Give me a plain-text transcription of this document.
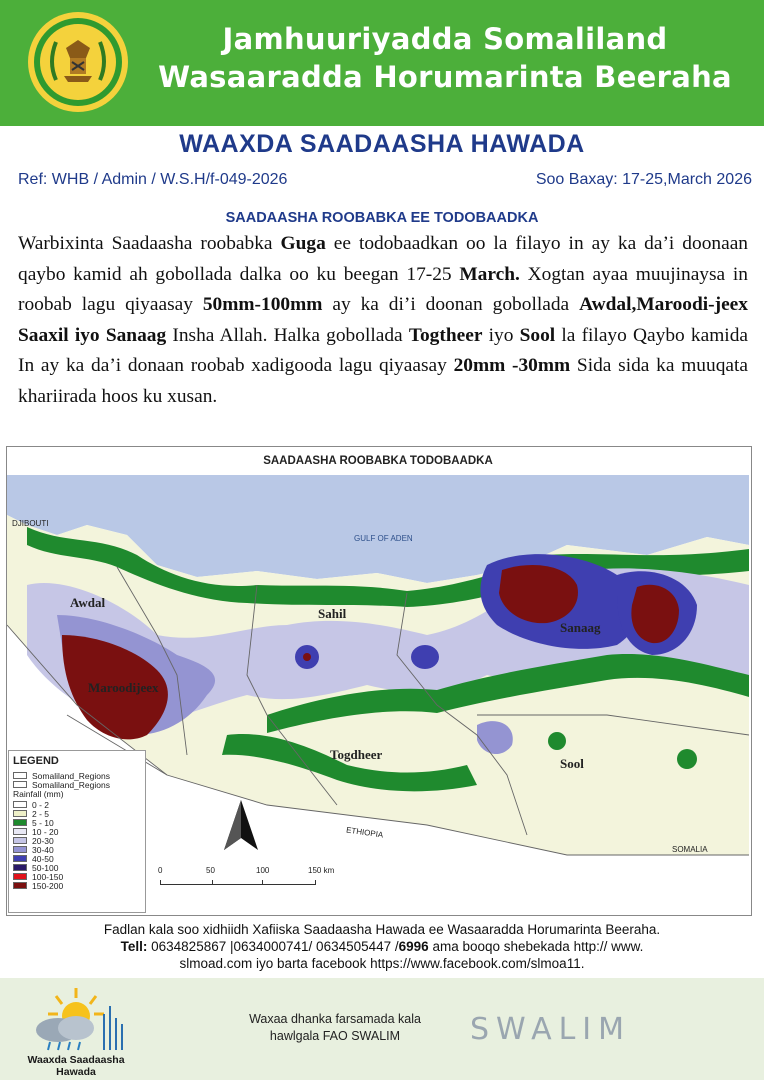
Jamhuuriyadda Somaliland
Wasaaradda Horumarinta Beeraha
WAAXDA SAADAASHA HAWADA
Ref: WHB / Admin / W.S.H/f-049-2026	Soo Baxay: 17-25,March 2026
SAADAASHA ROOBABKA EE TODOBAADKA
Warbixinta Saadaasha roobabka Guga ee todobaadkan oo la filayo in ay ka da’i doonaan qaybo kamid ah gobollada dalka oo ku beegan 17-25 March. Xogtan ayaa muujinaysa in roobab lagu qiyaasay 50mm-100mm ay ka di’i doonan gobollada Awdal,Maroodi-jeex Saaxil iyo Sanaag Insha Allah. Halka gobollada Togtheer iyo Sool la filayo Qaybo kamida In ay ka da’i donaan roobab xadigooda lagu qiyaasay 20mm -30mm Sida sida ka muuqata khariirada hoos ku xusan.
SAADAASHA ROOBABKA TODOBAADKA
DJIBOUTI
GULF OF ADEN
Awdal
Maroodijeex
Sahil
Sanaag
Togdheer
Sool
ETHIOPIA
SOMALIA
LEGEND
Somaliland_Regions
Somaliland_Regions
Rainfall (mm)
0 - 2
2 - 5
5 - 10
10 - 20
20-30
30-40
40-50
50-100
100-150
150-200
0	50	100	150 km
Fadlan kala soo xidhiidh Xafiiska Saadaasha Hawada ee Wasaaradda Horumarinta Beeraha.
Tell: 0634825867 |0634000741/ 0634505447 /6996 ama booqo shebekada http:// www.
slmoad.com iyo barta facebook https://www.facebook.com/slmoa11.
Waaxda Saadaasha Hawada
Waxaa dhanka farsamada kala
hawlgala FAO SWALIM	SWALIM
